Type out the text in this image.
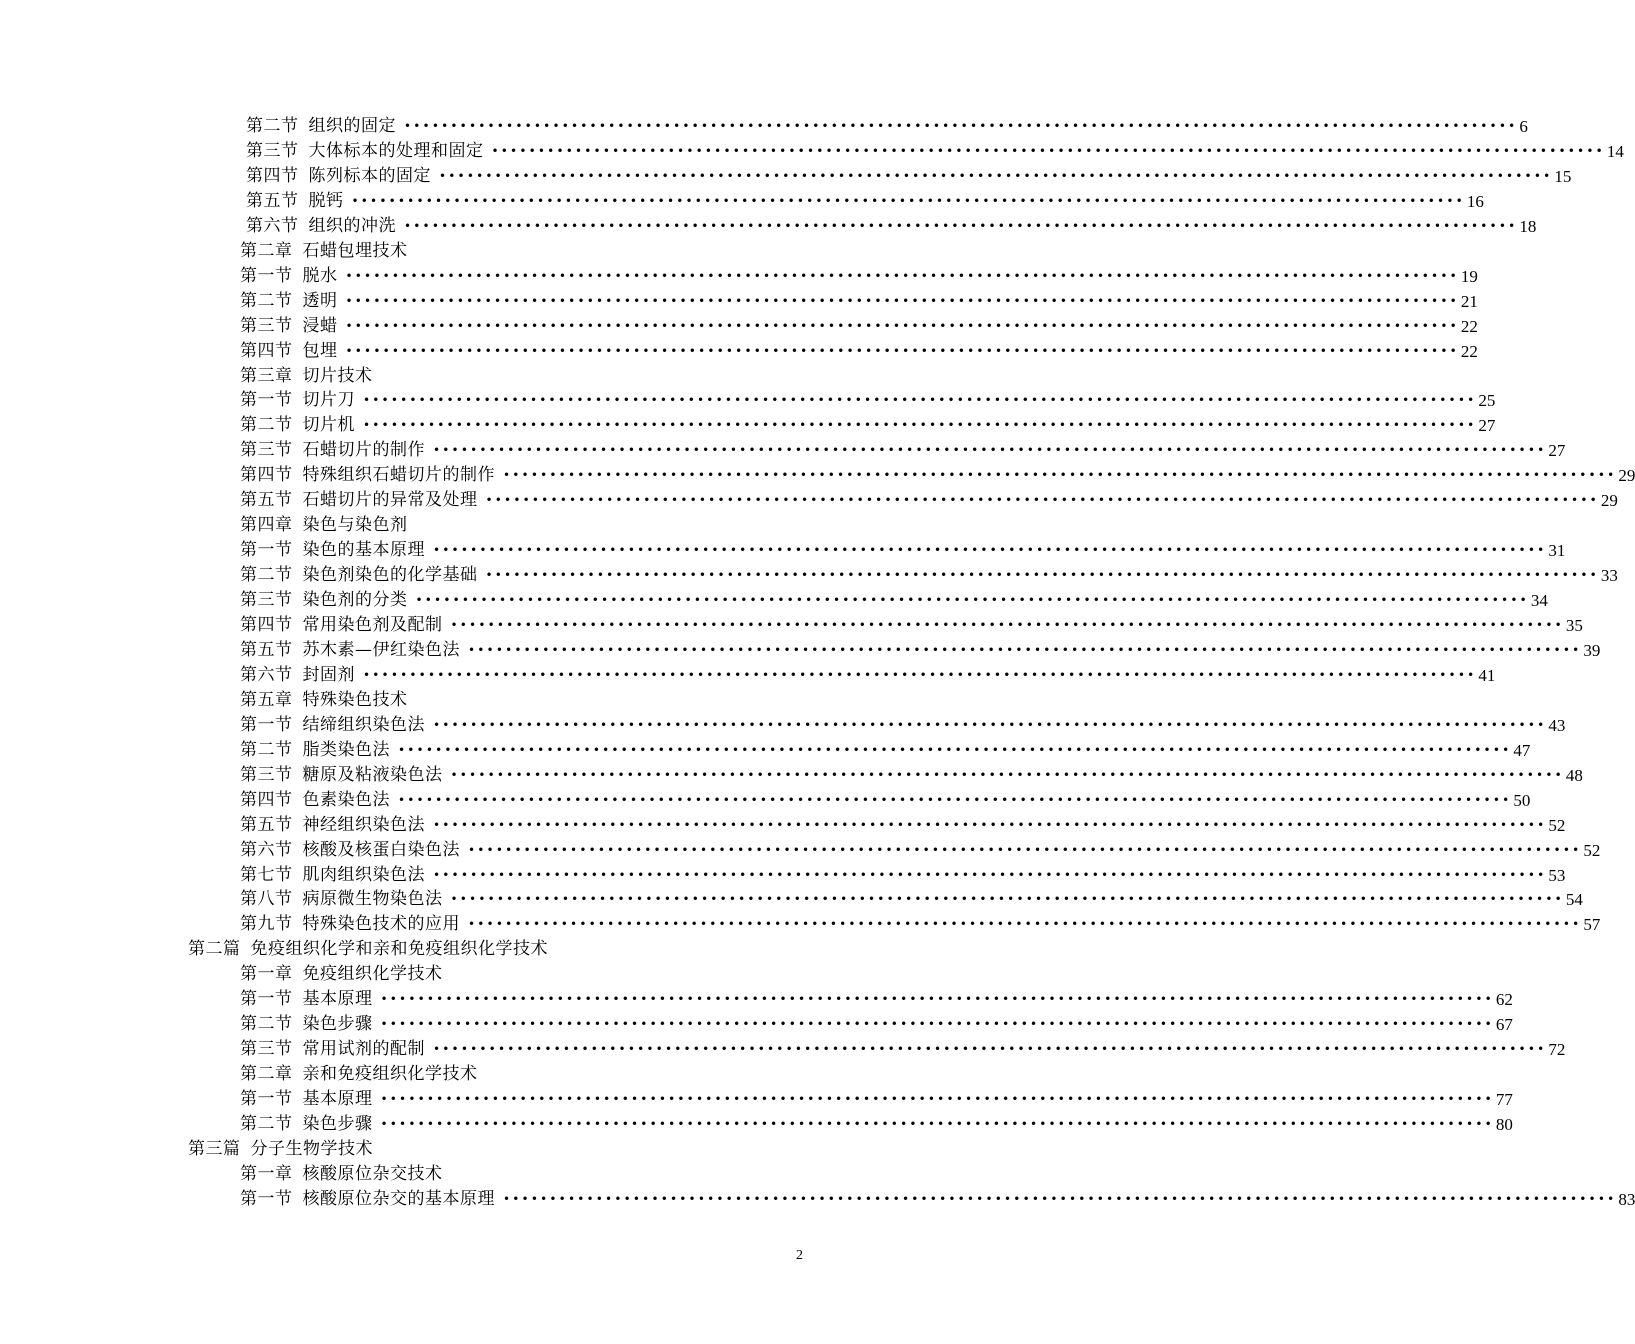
第二节 组织的固定 •••••••••••••••••••••••••••••••••••••••••••••••••••••••••••••••••••••••••••••••••••••••••••••••••••••••••••••••••••••••• 6
第三节 大体标本的处理和固定 •••••••••••••••••••••••••••••••••••••••••••••••••••••••••••••••••••••••••••••••••••••••••••••••••••••••••••••••••••••••• 14
第四节 陈列标本的固定 •••••••••••••••••••••••••••••••••••••••••••••••••••••••••••••••••••••••••••••••••••••••••••••••••••••••••••••••••••••••• 15
第五节 脱钙 •••••••••••••••••••••••••••••••••••••••••••••••••••••••••••••••••••••••••••••••••••••••••••••••••••••••••••••••••••••••• 16
第六节 组织的冲洗 •••••••••••••••••••••••••••••••••••••••••••••••••••••••••••••••••••••••••••••••••••••••••••••••••••••••••••••••••••••••• 18
第二章 石蜡包埋技术
第一节 脱水 •••••••••••••••••••••••••••••••••••••••••••••••••••••••••••••••••••••••••••••••••••••••••••••••••••••••••••••••••••••••• 19
第二节 透明 •••••••••••••••••••••••••••••••••••••••••••••••••••••••••••••••••••••••••••••••••••••••••••••••••••••••••••••••••••••••• 21
第三节 浸蜡 •••••••••••••••••••••••••••••••••••••••••••••••••••••••••••••••••••••••••••••••••••••••••••••••••••••••••••••••••••••••• 22
第四节 包埋 •••••••••••••••••••••••••••••••••••••••••••••••••••••••••••••••••••••••••••••••••••••••••••••••••••••••••••••••••••••••• 22
第三章 切片技术
第一节 切片刀 •••••••••••••••••••••••••••••••••••••••••••••••••••••••••••••••••••••••••••••••••••••••••••••••••••••••••••••••••••••••• 25
第二节 切片机 •••••••••••••••••••••••••••••••••••••••••••••••••••••••••••••••••••••••••••••••••••••••••••••••••••••••••••••••••••••••• 27
第三节 石蜡切片的制作 •••••••••••••••••••••••••••••••••••••••••••••••••••••••••••••••••••••••••••••••••••••••••••••••••••••••••••••••••••••••• 27
第四节 特殊组织石蜡切片的制作 •••••••••••••••••••••••••••••••••••••••••••••••••••••••••••••••••••••••••••••••••••••••••••••••••••••••••••••••••••••••• 29
第五节 石蜡切片的异常及处理 •••••••••••••••••••••••••••••••••••••••••••••••••••••••••••••••••••••••••••••••••••••••••••••••••••••••••••••••••••••••• 29
第四章 染色与染色剂
第一节 染色的基本原理 •••••••••••••••••••••••••••••••••••••••••••••••••••••••••••••••••••••••••••••••••••••••••••••••••••••••••••••••••••••••• 31
第二节 染色剂染色的化学基础 •••••••••••••••••••••••••••••••••••••••••••••••••••••••••••••••••••••••••••••••••••••••••••••••••••••••••••••••••••••••• 33
第三节 染色剂的分类 •••••••••••••••••••••••••••••••••••••••••••••••••••••••••••••••••••••••••••••••••••••••••••••••••••••••••••••••••••••••• 34
第四节 常用染色剂及配制 •••••••••••••••••••••••••••••••••••••••••••••••••••••••••••••••••••••••••••••••••••••••••••••••••••••••••••••••••••••••• 35
第五节 苏木素—伊红染色法 •••••••••••••••••••••••••••••••••••••••••••••••••••••••••••••••••••••••••••••••••••••••••••••••••••••••••••••••••••••••• 39
第六节 封固剂 •••••••••••••••••••••••••••••••••••••••••••••••••••••••••••••••••••••••••••••••••••••••••••••••••••••••••••••••••••••••• 41
第五章 特殊染色技术
第一节 结缔组织染色法 •••••••••••••••••••••••••••••••••••••••••••••••••••••••••••••••••••••••••••••••••••••••••••••••••••••••••••••••••••••••• 43
第二节 脂类染色法 •••••••••••••••••••••••••••••••••••••••••••••••••••••••••••••••••••••••••••••••••••••••••••••••••••••••••••••••••••••••• 47
第三节 糖原及粘液染色法 •••••••••••••••••••••••••••••••••••••••••••••••••••••••••••••••••••••••••••••••••••••••••••••••••••••••••••••••••••••••• 48
第四节 色素染色法 •••••••••••••••••••••••••••••••••••••••••••••••••••••••••••••••••••••••••••••••••••••••••••••••••••••••••••••••••••••••• 50
第五节 神经组织染色法 •••••••••••••••••••••••••••••••••••••••••••••••••••••••••••••••••••••••••••••••••••••••••••••••••••••••••••••••••••••••• 52
第六节 核酸及核蛋白染色法 •••••••••••••••••••••••••••••••••••••••••••••••••••••••••••••••••••••••••••••••••••••••••••••••••••••••••••••••••••••••• 52
第七节 肌肉组织染色法 •••••••••••••••••••••••••••••••••••••••••••••••••••••••••••••••••••••••••••••••••••••••••••••••••••••••••••••••••••••••• 53
第八节 病原微生物染色法 •••••••••••••••••••••••••••••••••••••••••••••••••••••••••••••••••••••••••••••••••••••••••••••••••••••••••••••••••••••••• 54
第九节 特殊染色技术的应用 •••••••••••••••••••••••••••••••••••••••••••••••••••••••••••••••••••••••••••••••••••••••••••••••••••••••••••••••••••••••• 57
第二篇 免疫组织化学和亲和免疫组织化学技术
第一章 免疫组织化学技术
第一节 基本原理 •••••••••••••••••••••••••••••••••••••••••••••••••••••••••••••••••••••••••••••••••••••••••••••••••••••••••••••••••••••••• 62
第二节 染色步骤 •••••••••••••••••••••••••••••••••••••••••••••••••••••••••••••••••••••••••••••••••••••••••••••••••••••••••••••••••••••••• 67
第三节 常用试剂的配制 •••••••••••••••••••••••••••••••••••••••••••••••••••••••••••••••••••••••••••••••••••••••••••••••••••••••••••••••••••••••• 72
第二章 亲和免疫组织化学技术
第一节 基本原理 •••••••••••••••••••••••••••••••••••••••••••••••••••••••••••••••••••••••••••••••••••••••••••••••••••••••••••••••••••••••• 77
第二节 染色步骤 •••••••••••••••••••••••••••••••••••••••••••••••••••••••••••••••••••••••••••••••••••••••••••••••••••••••••••••••••••••••• 80
第三篇 分子生物学技术
第一章 核酸原位杂交技术
第一节 核酸原位杂交的基本原理 •••••••••••••••••••••••••••••••••••••••••••••••••••••••••••••••••••••••••••••••••••••••••••••••••••••••••••••••••••••••• 83
2
